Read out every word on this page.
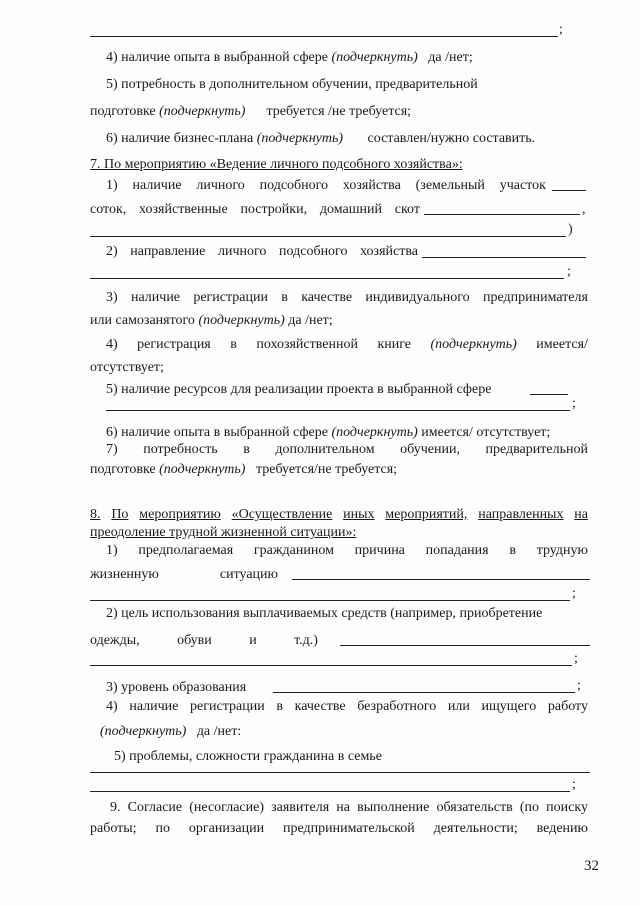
;
4) наличие опыта в выбранной сфере (подчеркнуть) да /нет;
5) потребность в дополнительном обучении, предварительной
подготовке (подчеркнуть) требуется /не требуется;
6) наличие бизнес-плана (подчеркнуть) составлен/нужно составить.
7. По мероприятию «Ведение личного подсобного хозяйства»:
1) наличие личного подсобного хозяйства (земельный участок
соток, хозяйственные постройки, домашний скот	,
)
2) направление личного подсобного хозяйства
;
3) наличие регистрации в качестве индивидуального предпринимателя
или самозанятого (подчеркнуть) да /нет;
4) регистрация в похозяйственной книге (подчеркнуть) имеется/
отсутствует;
5) наличие ресурсов для реализации проекта в выбранной сфере
;
6) наличие опыта в выбранной сфере (подчеркнуть) имеется/ отсутствует;
7) потребность в дополнительном обучении, предварительной
подготовке (подчеркнуть) требуется/не требуется;
8. По мероприятию «Осуществление иных мероприятий, направленных на
преодоление трудной жизненной ситуации»:
1) предполагаемая гражданином причина попадания в трудную
жизненную	ситуацию
;
2) цель использования выплачиваемых средств (например, приобретение
одежды,	обуви	и	т.д.)
;
3) уровень образования	;
4) наличие регистрации в качестве безработного или ищущего работу
(подчеркнуть) да /нет:
5) проблемы, сложности гражданина в семье
;
9. Согласие (несогласие) заявителя на выполнение обязательств (по поиску
работы; по организации предпринимательской деятельности; ведению
32
